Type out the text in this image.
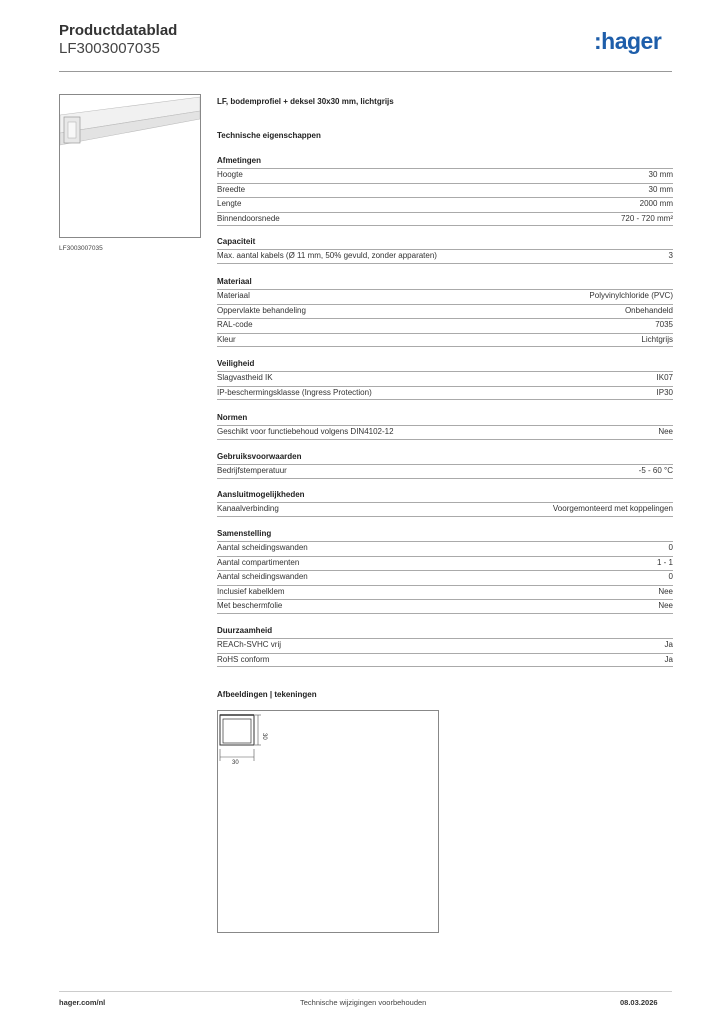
Productdatablad
LF3003007035	:hager
LF3003007035
LF, bodemprofiel + deksel 30x30 mm, lichtgrijs
Technische eigenschappen
Afmetingen
Hoogte	30 mm
Breedte	30 mm
Lengte	2000 mm
Binnendoorsnede	720 - 720 mm²
Capaciteit
Max. aantal kabels (Ø 11 mm, 50% gevuld, zonder apparaten)	3
Materiaal
Materiaal	Polyvinylchloride (PVC)
Oppervlakte behandeling	Onbehandeld
RAL-code	7035
Kleur	Lichtgrijs
Veiligheid
Slagvastheid IK	IK07
IP-beschermingsklasse (Ingress Protection)	IP30
Normen
Geschikt voor functiebehoud volgens DIN4102-12	Nee
Gebruiksvoorwaarden
Bedrijfstemperatuur	-5 - 60 °C
Aansluitmogelijkheden
Kanaalverbinding	Voorgemonteerd met koppelingen
Samenstelling
Aantal scheidingswanden	0
Aantal compartimenten	1 - 1
Aantal scheidingswanden	0
Inclusief kabelklem	Nee
Met beschermfolie	Nee
Duurzaamheid
REACh-SVHC vrij	Ja
RoHS conform	Ja
Afbeeldingen | tekeningen
30
30
hager.com/nl	Technische wijzigingen voorbehouden	08.03.2026
